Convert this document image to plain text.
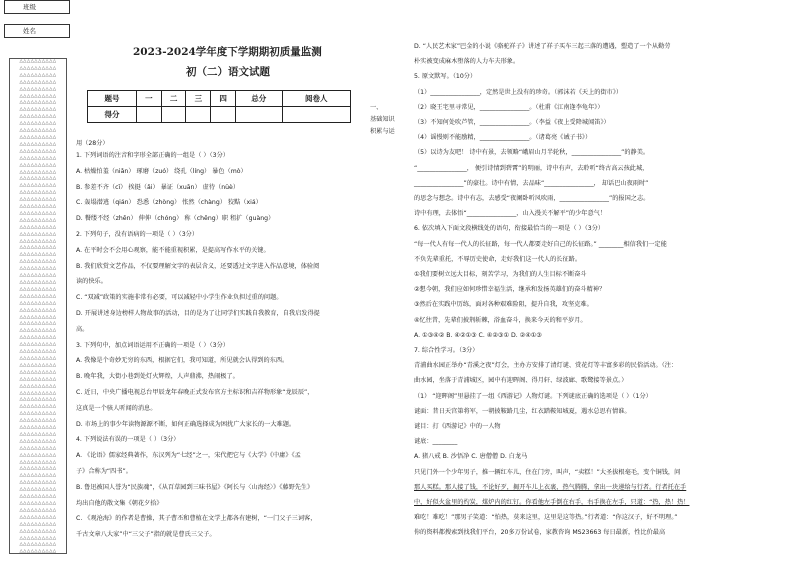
班级
姓名
△△△△△△△△△△
△△△△△△△△△△
△△△△△△△△△△
△△△△△△△△△△
△△△△△△△△△△
△△△△△△△△△△
△△△△△△△△△△
△△△△△△△△△△
△△△△△△△△△△
△△△△△△△△△△
△△△△△△△△△△
△△△△△△△△△△
△△△△△△△△△△
△△△△△△△△△△
△△△△△△△△△△
△△△△△△△△△△
△△△△△△△△△△
△△△△△△△△△△
△△△△△△△△△△
△△△△△△△△△△
△△△△△△△△△△
△△△△△△△△△△
△△△△△△△△△△
△△△△△△△△△△
△△△△△△△△△△
△△△△△△△△△△
△△△△△△△△△△
△△△△△△△△△△
△△△△△△△△△△
△△△△△△△△△△
△△△△△△△△△△
△△△△△△△△△△
△△△△△△△△△△
△△△△△△△△△△
△△△△△△△△△△
△△△△△△△△△△
△△△△△△△△△△
△△△△△△△△△△
△△△△△△△△△△
△△△△△△△△△△
△△△△△△△△△△
△△△△△△△△△△
△△△△△△△△△△
△△△△△△△△△△
△△△△△△△△△△
△△△△△△△△△△
△△△△△△△△△△
△△△△△△△△△△
△△△△△△△△△△
△△△△△△△△△△
△△△△△△△△△△
△△△△△△△△△△
△△△△△△△△△△
△△△△△△△△△△
△△△△△△△△△△
△△△△△△△△△△
△△△△△△△△△△
△△△△△△△△△△
△△△△△△△△△△
△△△△△△△△△△
△△△△△△△△△△
△△△△△△△△△△
△△△△△△△△△△
△△△△△△△△△△
△△△△△△△△△△
△△△△△△△△△△
△△△△△△△△△△
△△△△△△△△△△
△△△△△△△△△△
△△△△△△△△△△
△△△△△△△△△△
△△△△△△△△△△
2023-2024学年度下学期期初质量监测
初（二）语文试题
题号	一	二	三	四	总分	阅卷人
得分						
一、
基础知识
积累与运
用（28分）
1. 下列词语的注音和字形全部正确的一组是（ ）（3分）
A. 枯燥怕羞（niǎn） 琢磨（zuó） 绕孔（líng） 暴色（mò）
B. 参差不齐（cī） 挨挺（ǎi） 暴证（xuān） 虚待（nüè）
C. 轰塌潜逃（qián） 恐悉（zhòng） 怅然（chàng） 狡黠（xiá）
D. 餐缕不经（zhēn） 伸伸（chóng） 称（chēng）职 租扩（guàng）
2. 下列句子，没有语病的一项是（ ）（3分）
A. 在平时会不会用心观察，能不能重视积累，是提高写作水平的关键。
B. 我们欣赏文艺作品，不仅要理解文字的表层含义，还要透过文字进入作品意境，体验阅
读的快乐。
C. “双减”政策的实施非常有必要，可以减轻中小学生作业负担过重的问题。
D. 开展讲述身边榜样人物故事的活动，目的是为了让同学们实践自我教育，自我启发得提
高。
3. 下列句中，加点词语运用不正确的一项是（ ）（3分）
A. 我像是个奇妙无穷的东西，根据它们，我可知道，所见就会认得到的东西。
B. 晚年我，大街小巷到处灯火辉煌，人声鼎沸，热闹极了。
C. 近日，中央广播电视总台甲辰龙年春晚正式发布官方主标识和吉祥物形象“龙辰辰”，
这真是一个骇人听闻的消息。
D. 市场上的事少年读物源源不断，如何正确选择成为困扰广大家长的一大难题。
4. 下列说法有误的一项是（ ）（3分）
A. 《论语》儒家经典著作，东汉列为“七经”之一，宋代把它与《大学》《中庸》《孟
子》合称为“四书”。
B. 鲁迅被国人誉为“民族魂”，《从百草园到三味书屋》《阿长与〈山海经〉》《藤野先生》
均出自他的散文集《朝花夕拾》
C. 《观沧海》的作者是曹操，其子曹丕和曹植在文学上都各有建树，“一门父子三词客，
千古文章八大家”中“三父子”指的就是曹氏三父子。
D. “人民艺术家”巴金的小说《骆驼祥子》讲述了祥子买车三起三落的遭遇，塑造了一个从勤劳
朴实被变成麻木堕落的人力车夫形象。
5. 原文默写。（10分）
（1）________________，定然是世上没有的珍奇。（郭沫若《天上的街市》）
（2）晓王宅里寻常见，________________。（杜甫《江南逢李龟年》）
（3）不知何处吹芦管，________________。（李益《夜上受降城闻笛》）
（4）谣慢则不能励精，________________。（诸葛亮《诫子书》）
（5）以诗为友吧！ 诗中有景，去领略“峨眉山月半轮秋，________________”的静美。
“________________， 便引诗情到碧霄”的明丽，诗中有声，去聆听“终古高云孩此城，
________________”的豪壮。诗中有情，去品味“________________， 却话巴山夜雨时”
的思念与想念。诗中有志，去感受“夜阑卧听风吹雨，________________”的报国之志。
诗中有理，去体悟“________________，山入漫关不解平”的少年意气！
6. 依次填入下面文段横线处的语句，衔接最恰当的一项是（ ）（3分）
“每一代人有每一代人的长征路，每一代人都要走好自己的长征路。” ________相信我们一定能
不负先辈重托，不辱历史使命，走好我们这一代人的长征路。
①我们要树立远大目标，刻苦学习，为我们的人生目标不断奋斗
②想今朝，我们应如何珍惜幸福生活，继承和发扬英雄们的奋斗精神？
③然后在实践中历练，面对各种艰难险阻，提升自我，攻坚克难。
④忆往昔，先辈们披荆斩棘，浴血奋斗，换来今天的和平岁月。
A. ①③④② B. ④②①③ C. ④②③① D. ②④①③
7. 综合性学习。（3分）
青浦曲水园正举办“青溪之夜”灯会，主办方安排了清灯谜、赏花灯等丰富多彩的民俗活动。（注：
曲水园，坐落于青浦城区，园中有迎晖阁、得月轩、绿波廊、歌鹭接等景点。）
（1） “迎晖阁”里悬挂了一组《西游记》人物灯谜。下列谜底正确的选项是（ ）（1分）
谜面：昔日天宫第将军，一朝披鞍路几尘，红衣踏鞍知城夏，遇水总思有情谁。
谜目：打《西游记》中的一人物
谜底：________
A. 猪八戒 B. 沙悟净 C. 唐僧僧 D. 白龙马
只见门外一个少年男子，推一辆红车儿，住在门旁，叫声，“卖糕！”大圣拔根毫毛，变个铜钱，问
那人买糕。那人接了钱，不论好歹，揭开车儿上衣裹，热气腾腾，拿出一块递给与行者。行者托在手
中，好似火盆里的灼炭，煤炉内的红钉。你看他左手倒在右手，右手换在左手，只道：“热，热！热！
难吃！难吃！”那男子笑道：“怕热，莫来这里，这里是这等热。”行者道：“你这汉子，好不明理。”
你的资料都搜索到找我们平台，20多万份试卷，家教咨询 MS23663 每日最新，性比价最高
